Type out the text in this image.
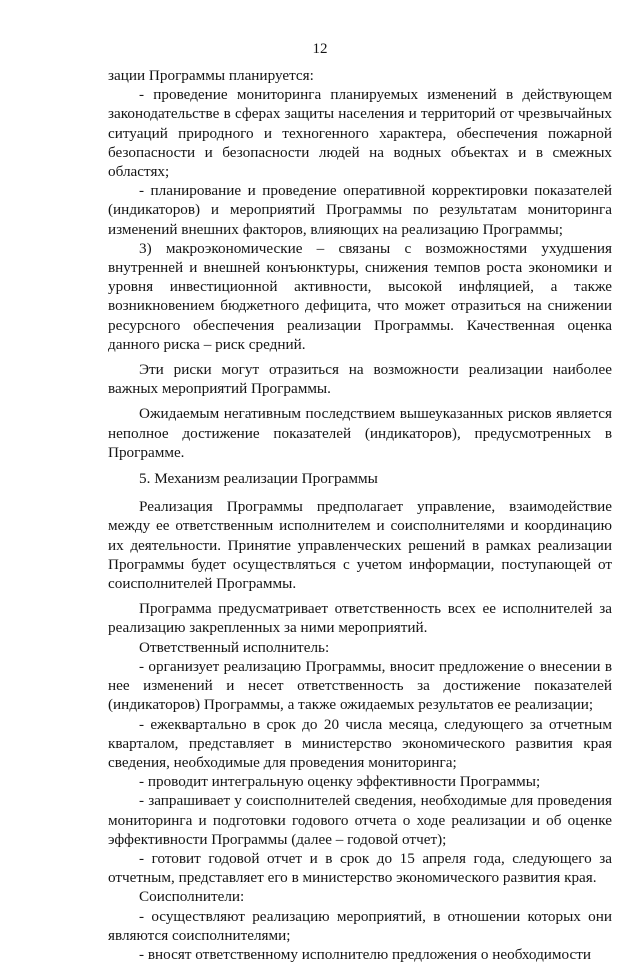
12

зации Программы планируется:

- проведение мониторинга планируемых изменений в действующем законодательстве в сферах защиты населения и территорий от чрезвычайных ситуаций природного и техногенного характера, обеспечения пожарной безопасности и безопасности людей на водных объектах и в смежных областях;

- планирование и проведение оперативной корректировки показателей (индикаторов) и мероприятий Программы по результатам мониторинга изменений внешних факторов, влияющих на реализацию Программы;

3) макроэкономические – связаны с возможностями ухудшения внутренней и внешней конъюнктуры, снижения темпов роста экономики и уровня инвестиционной активности, высокой инфляцией, а также возникновением бюджетного дефицита, что может отразиться на снижении ресурсного обеспечения реализации Программы. Качественная оценка данного риска – риск средний.

Эти риски могут отразиться на возможности реализации наиболее важных мероприятий Программы.

Ожидаемым негативным последствием вышеуказанных рисков является неполное достижение показателей (индикаторов), предусмотренных в Программе.

5. Механизм реализации Программы

Реализация Программы предполагает управление, взаимодействие между ее ответственным исполнителем и соисполнителями и координацию их деятельности. Принятие управленческих решений в рамках реализации Программы будет осуществляться с учетом информации, поступающей от соисполнителей Программы.

Программа предусматривает ответственность всех ее исполнителей за реализацию закрепленных за ними мероприятий.

Ответственный исполнитель:

- организует реализацию Программы, вносит предложение о внесении в нее изменений и несет ответственность за достижение показателей (индикаторов) Программы, а также ожидаемых результатов ее реализации;

- ежеквартально в срок до 20 числа месяца, следующего за отчетным кварталом, представляет в министерство экономического развития края сведения, необходимые для проведения мониторинга;

- проводит интегральную оценку эффективности Программы;

- запрашивает у соисполнителей сведения, необходимые для проведения мониторинга и подготовки годового отчета о ходе реализации и об оценке эффективности Программы (далее – годовой отчет);

- готовит годовой отчет и в срок до 15 апреля года, следующего за отчетным, представляет его в министерство экономического развития края.

Соисполнители:

- осуществляют реализацию мероприятий, в отношении которых они являются соисполнителями;

- вносят ответственному исполнителю предложения о необходимости
